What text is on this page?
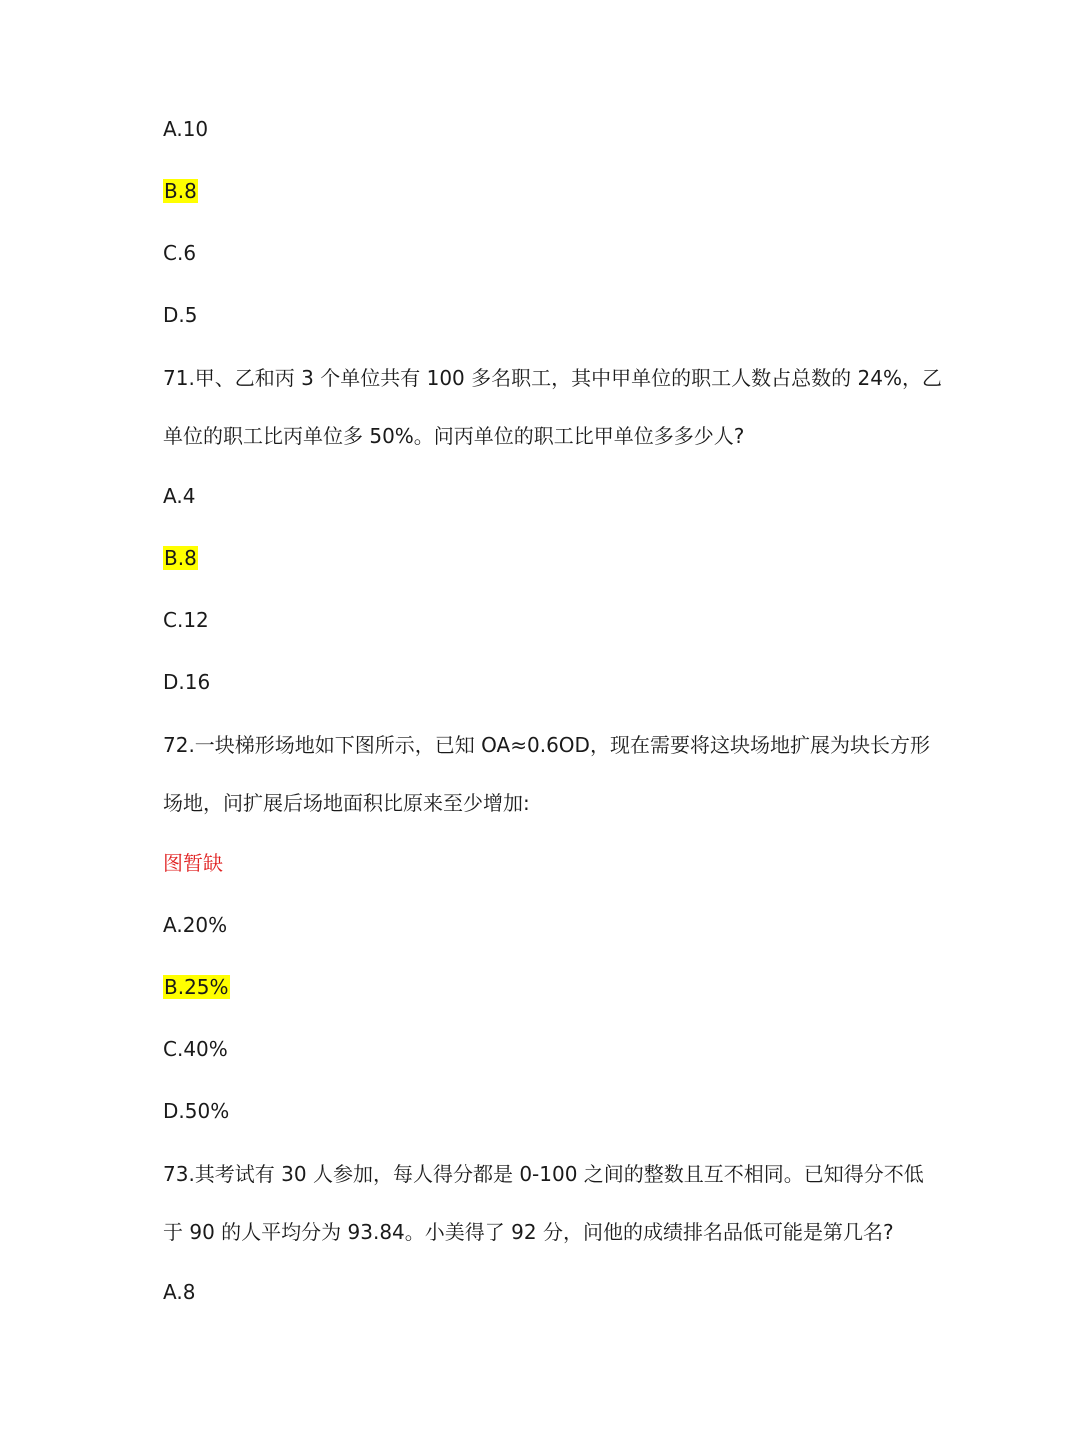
A.10
B.8
C.6
D.5
71.甲、乙和丙 3 个单位共有 100 多名职工，其中甲单位的职工人数占总数的 24%，乙
单位的职工比丙单位多 50%。问丙单位的职工比甲单位多多少人?
A.4
B.8
C.12
D.16
72.一块梯形场地如下图所示，已知 OA≈0.6OD，现在需要将这块场地扩展为块长方形
场地，问扩展后场地面积比原来至少增加:
图暂缺
A.20%
B.25%
C.40%
D.50%
73.其考试有 30 人参加，每人得分都是 0-100 之间的整数且互不相同。已知得分不低
于 90 的人平均分为 93.84。小美得了 92 分，问他的成绩排名品低可能是第几名?
A.8
